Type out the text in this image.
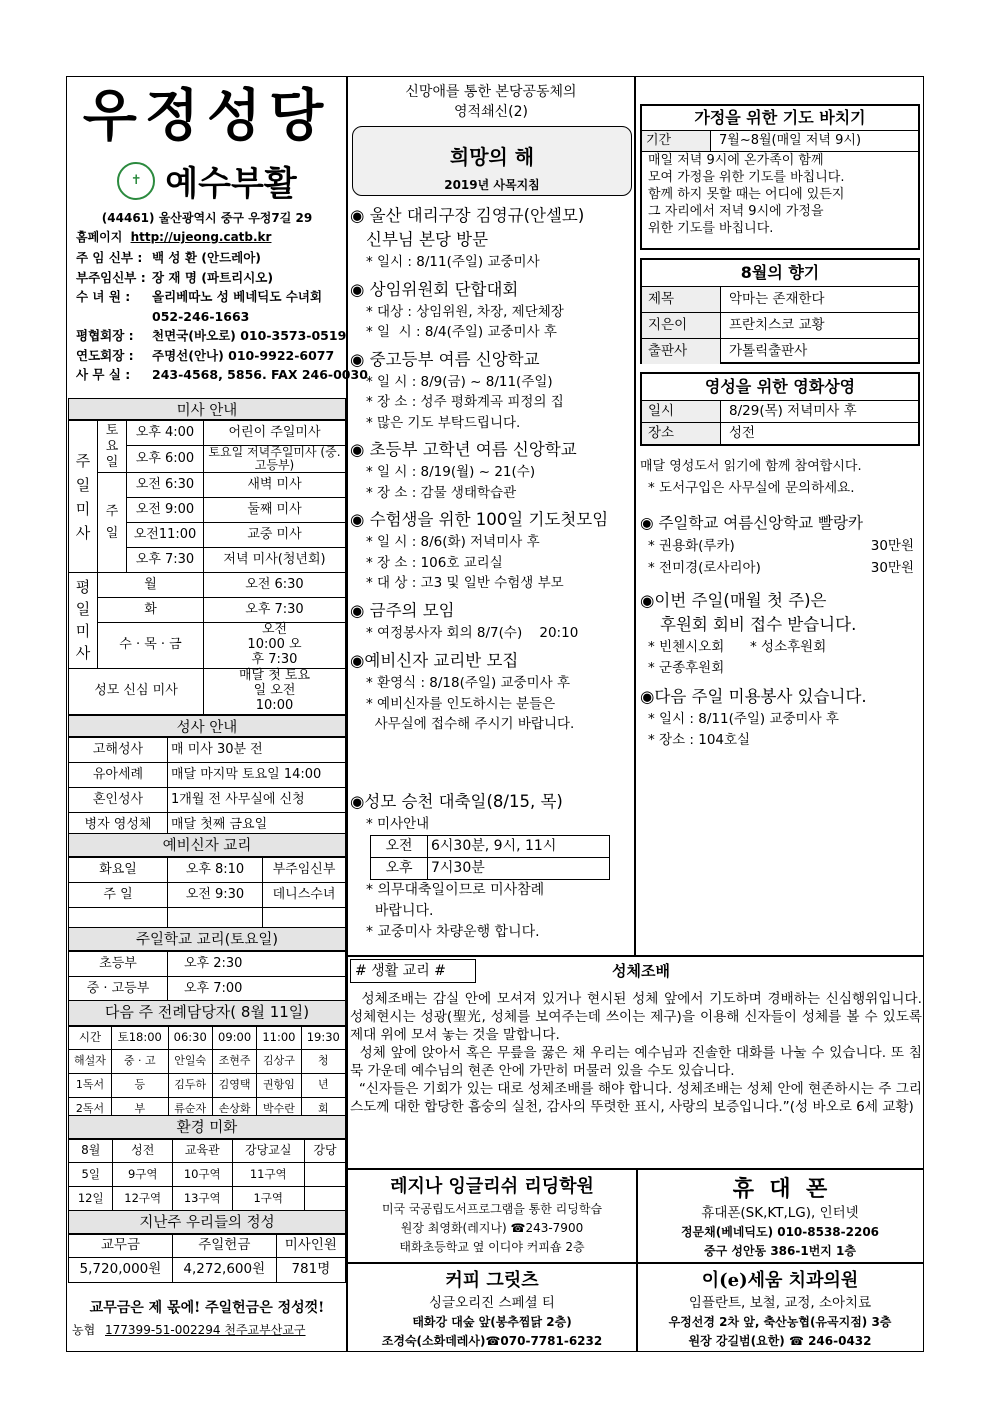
우정성당
✝ 예수부활
(44461) 울산광역시 중구 우정7길 29
홈페이지 http://ujeong.catb.kr
주 임 신부 : 백 성 환 (안드레아)
부주임신부 : 장 재 명 (파트리시오)
수 녀 원 : 올리베따노 성 베네딕도 수녀회
052-246-1663
평협회장 : 천면국(바오로) 010-3573-0519
연도회장 : 주명선(안나) 010-9922-6077
사 무 실 : 243-4568, 5856. FAX 246-0030
미사 안내
주일미사	토요일	오후 4:00	어린이 주일미사
		오후 6:00	토요일 저녁주일미사 (중.고등부)
	주일	오전 6:30	새벽 미사
		오전 9:00	둘째 미사
		오전11:00	교중 미사
		오후 7:30	저녁 미사(청년회)
평일미사	월		오전 6:30
	화		오후 7:30
	수 · 목 · 금		오전 10:00 오후 7:30
성모 신심 미사			매달 첫 토요일 오전 10:00
성사 안내
고해성사	매 미사 30분 전
유아세례	매달 마지막 토요일 14:00
혼인성사	1개월 전 사무실에 신청
병자 영성체	매달 첫째 금요일
예비신자 교리
화요일	오후 8:10	부주임신부
주 일	오전 9:30	데니스수녀

주일학교 교리(토요일)
초등부	오후 2:30
중 · 고등부	오후 7:00
다음 주 전례담당자( 8월 11일)
시간	토18:00	06:30	09:00	11:00	19:30
해설자	중 · 고	안일숙	조현주	김상구	청
1독서	등	김두하	김영택	권항임	년
2독서	부	류순자	손상화	박수란	회
환경 미화
8월	성전	교육관	강당교실	강당
5일	9구역	10구역	11구역	
12일	12구역	13구역	1구역	
지난주 우리들의 정성
교무금	주일헌금	미사인원
5,720,000원	4,272,600원	781명
교무금은 제 몫에! 주일헌금은 정성껏!
농협 177399-51-002294 천주교부산교구
신망애를 통한 본당공동체의
영적쇄신(2)
희망의 해
2019년 사목지침
◉ 울산 대리구장 김영규(안셀모)
신부님 본당 방문
* 일시 : 8/11(주일) 교중미사
◉ 상임위원회 단합대회
* 대상 : 상임위원, 차장, 제단체장
* 일  시 : 8/4(주일) 교중미사 후
◉ 중고등부 여름 신앙학교
* 일 시 : 8/9(금) ~ 8/11(주일)
* 장 소 : 성주 평화계곡 피정의 집
* 많은 기도 부탁드립니다.
◉ 초등부 고학년 여름 신앙학교
* 일 시 : 8/19(월) ~ 21(수)
* 장 소 : 감물 생태학습관
◉ 수험생을 위한 100일 기도첫모임
* 일 시 : 8/6(화) 저녁미사 후
* 장 소 : 106호 교리실
* 대 상 : 고3 및 일반 수험생 부모
◉ 금주의 모임
* 여정봉사자 회의 8/7(수)    20:10
◉예비신자 교리반 모집
* 환영식 : 8/18(주일) 교중미사 후
* 예비신자를 인도하시는 분들은
사무실에 접수해 주시기 바랍니다.
◉성모 승천 대축일(8/15, 목)
* 미사안내
오전	6시30분, 9시, 11시
오후	7시30분
* 의무대축일이므로 미사참례
바랍니다.
* 교중미사 차량운행 합니다.
가정을 위한 기도 바치기
기간	7월~8월(매일 저녁 9시)
매일 저녁 9시에 온가족이 함께
모여 가정을 위한 기도를 바칩니다.
함께 하지 못할 때는 어디에 있든지
그 자리에서 저녁 9시에 가정을
위한 기도를 바칩니다.
8월의 향기
제목	악마는 존재한다
지은이	프란치스코 교황
출판사	가톨릭출판사
영성을 위한 영화상영
일시	8/29(목) 저녁미사 후
장소	성전
매달 영성도서 읽기에 함께 참여합시다.
* 도서구입은 사무실에 문의하세요.
◉ 주일학교 여름신앙학교 빨랑카
* 권용화(루카)	30만원
* 전미경(로사리아)	30만원
◉이번 주일(매월 첫 주)은
후원회 회비 접수 받습니다.
* 빈첸시오회      * 성소후원회
* 군종후원회
◉다음 주일 미용봉사 있습니다.
* 일시 : 8/11(주일) 교중미사 후
* 장소 : 104호실
# 생활 교리 #	성체조배
성체조배는 감실 안에 모셔져 있거나 현시된 성체 앞에서 기도하며 경배하는 신심행위입니다. 성체현시는 성광(聖光, 성체를 보여주는데 쓰이는 제구)을 이용해 신자들이 성체를 볼 수 있도록 제대 위에 모셔 놓는 것을 말합니다.
성체 앞에 앉아서 혹은 무릎을 꿇은 채 우리는 예수님과 진솔한 대화를 나눌 수 있습니다. 또 침묵 가운데 예수님의 현존 안에 가만히 머물러 있을 수도 있습니다.
“신자들은 기회가 있는 대로 성체조배를 해야 합니다. 성체조배는 성체 안에 현존하시는 주 그리스도께 대한 합당한 흠숭의 실천, 감사의 뚜렷한 표시, 사랑의 보증입니다.”(성 바오로 6세 교황)
레지나 잉글리쉬 리딩학원
미국 국공립도서프로그램을 통한 리딩학습
원장 최영화(레지나) ☎243-7900
태화초등학교 옆 이디야 커피숍 2층
휴  대  폰
휴대폰(SK,KT,LG), 인터넷
정문채(베네딕도) 010-8538-2206
중구 성안동 386-1번지 1층
커피 그릿츠
싱글오리진 스페셜 티
태화강 대숲 앞(봉추찜닭 2층)
조경숙(소화데레사)☎070-7781-6232
이(e)세움 치과의원
임플란트, 보철, 교정, 소아치료
우정선경 2차 앞, 축산농협(유곡지점) 3층
원장 강길범(요한) ☎ 246-0432
